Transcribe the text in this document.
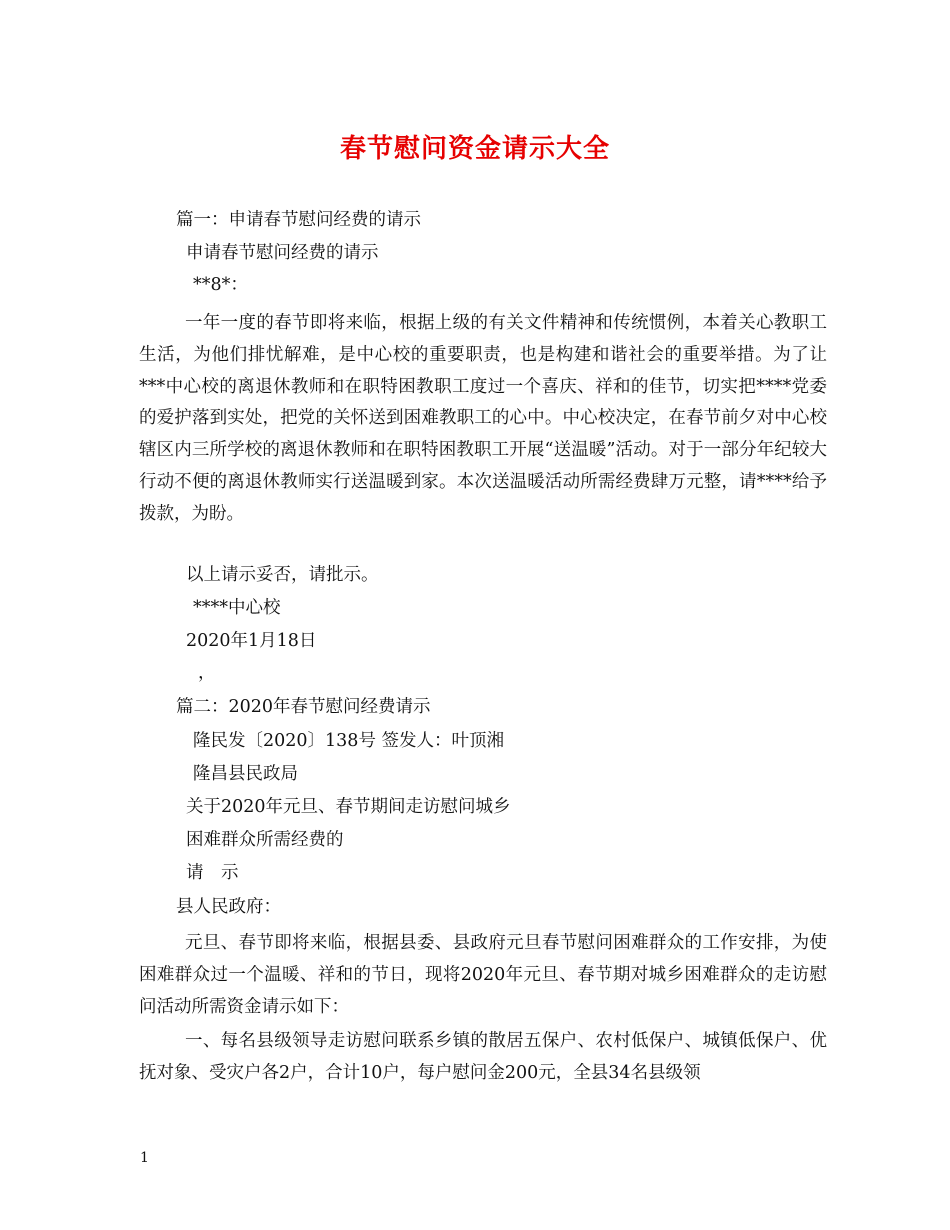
春节慰问资金请示大全
篇一：申请春节慰问经费的请示
申请春节慰问经费的请示
**8*：
一年一度的春节即将来临，根据上级的有关文件精神和传统惯例，本着关心教职工生活，为他们排忧解难，是中心校的重要职责，也是构建和谐社会的重要举措。为了让***中心校的离退休教师和在职特困教职工度过一个喜庆、祥和的佳节，切实把****党委的爱护落到实处，把党的关怀送到困难教职工的心中。中心校决定，在春节前夕对中心校辖区内三所学校的离退休教师和在职特困教职工开展“送温暖”活动。对于一部分年纪较大行动不便的离退休教师实行送温暖到家。本次送温暖活动所需经费肆万元整，请****给予拨款，为盼。
以上请示妥否，请批示。
****中心校
2020年1月18日
，
篇二：2020年春节慰问经费请示
隆民发〔2020〕138号 签发人：叶顶湘
隆昌县民政局
关于2020年元旦、春节期间走访慰问城乡
困难群众所需经费的
请　示
县人民政府：
元旦、春节即将来临，根据县委、县政府元旦春节慰问困难群众的工作安排，为使困难群众过一个温暖、祥和的节日，现将2020年元旦、春节期对城乡困难群众的走访慰问活动所需资金请示如下：
一、每名县级领导走访慰问联系乡镇的散居五保户、农村低保户、城镇低保户、优抚对象、受灾户各2户，合计10户，每户慰问金200元，全县34名县级领
1
